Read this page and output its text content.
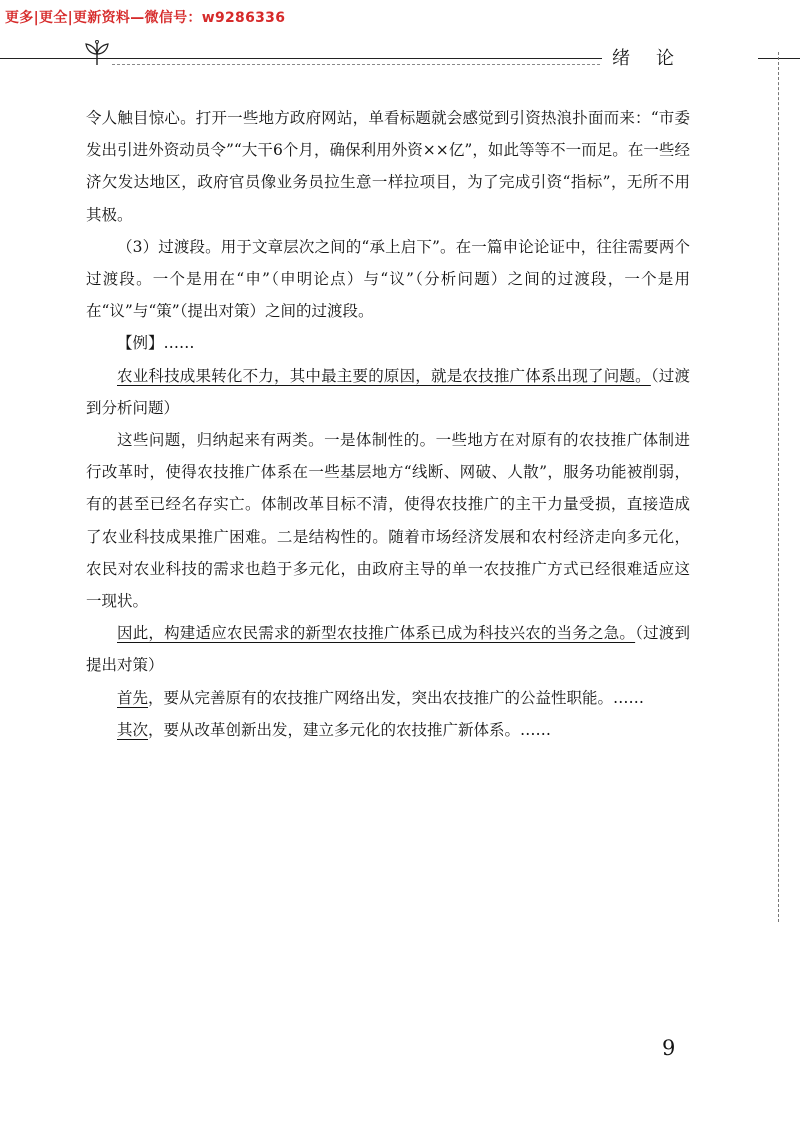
更多|更全|更新资料—微信号：w9286336
绪论

令人触目惊心。打开一些地方政府网站，单看标题就会感觉到引资热浪扑面而来：“市委发出引进外资动员令”“大干6个月，确保利用外资××亿”，如此等等不一而足。在一些经济欠发达地区，政府官员像业务员拉生意一样拉项目，为了完成引资“指标”，无所不用其极。

（3）过渡段。用于文章层次之间的“承上启下”。在一篇申论论证中，往往需要两个过渡段。一个是用在“申”（申明论点）与“议”（分析问题）之间的过渡段，一个是用在“议”与“策”（提出对策）之间的过渡段。

【例】……

农业科技成果转化不力，其中最主要的原因，就是农技推广体系出现了问题。（过渡到分析问题）

这些问题，归纳起来有两类。一是体制性的。一些地方在对原有的农技推广体制进行改革时，使得农技推广体系在一些基层地方“线断、网破、人散”，服务功能被削弱，有的甚至已经名存实亡。体制改革目标不清，使得农技推广的主干力量受损，直接造成了农业科技成果推广困难。二是结构性的。随着市场经济发展和农村经济走向多元化，农民对农业科技的需求也趋于多元化，由政府主导的单一农技推广方式已经很难适应这一现状。

因此，构建适应农民需求的新型农技推广体系已成为科技兴农的当务之急。（过渡到提出对策）

首先，要从完善原有的农技推广网络出发，突出农技推广的公益性职能。……

其次，要从改革创新出发，建立多元化的农技推广新体系。……

9
